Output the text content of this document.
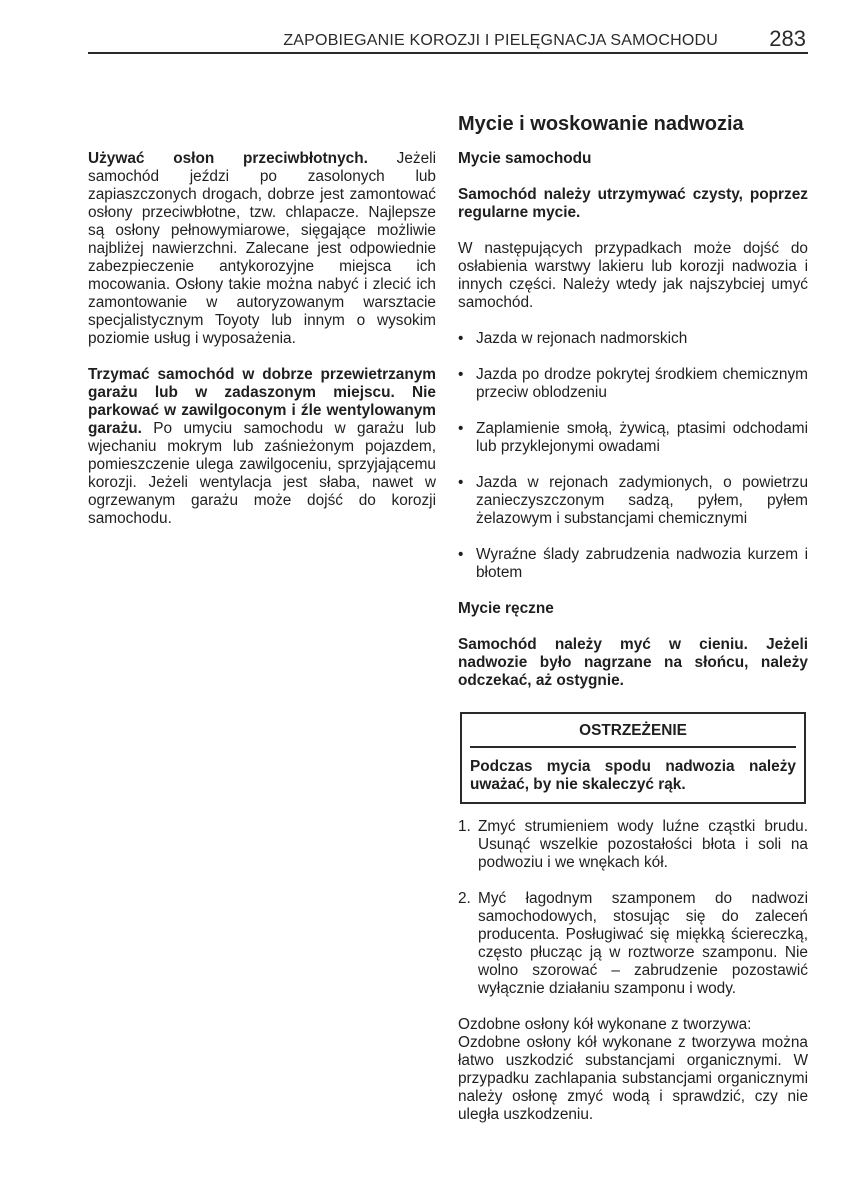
ZAPOBIEGANIE KOROZJI I PIELĘGNACJA SAMOCHODU 283

Używać osłon przeciwbłotnych. Jeżeli samochód jeździ po zasolonych lub zapiaszczonych drogach, dobrze jest zamontować osłony przeciwbłotne, tzw. chlapacze. Najlepsze są osłony pełnowymiarowe, sięgające możliwie najbliżej nawierzchni. Zalecane jest odpowiednie zabezpieczenie antykorozyjne miejsca ich mocowania. Osłony takie można nabyć i zlecić ich zamontowanie w autoryzowanym warsztacie specjalistycznym Toyoty lub innym o wysokim poziomie usług i wyposażenia.

Trzymać samochód w dobrze przewietrzanym garażu lub w zadaszonym miejscu. Nie parkować w zawilgoconym i źle wentylowanym garażu. Po umyciu samochodu w garażu lub wjechaniu mokrym lub zaśnieżonym pojazdem, pomieszczenie ulega zawilgoceniu, sprzyjającemu korozji. Jeżeli wentylacja jest słaba, nawet w ogrzewanym garażu może dojść do korozji samochodu.

Mycie i woskowanie nadwozia
Mycie samochodu

Samochód należy utrzymywać czysty, poprzez regularne mycie.

W następujących przypadkach może dojść do osłabienia warstwy lakieru lub korozji nadwozia i innych części. Należy wtedy jak najszybciej umyć samochód.

• Jazda w rejonach nadmorskich
• Jazda po drodze pokrytej środkiem chemicznym przeciw oblodzeniu
• Zaplamienie smołą, żywicą, ptasimi odchodami lub przyklejonymi owadami
• Jazda w rejonach zadymionych, o powietrzu zanieczyszczonym sadzą, pyłem, pyłem żelazowym i substancjami chemicznymi
• Wyraźne ślady zabrudzenia nadwozia kurzem i błotem
Mycie ręczne

Samochód należy myć w cieniu. Jeżeli nadwozie było nagrzane na słońcu, należy odczekać, aż ostygnie.

OSTRZEŻENIE
Podczas mycia spodu nadwozia należy uważać, by nie skaleczyć rąk.
1. Zmyć strumieniem wody luźne cząstki brudu. Usunąć wszelkie pozostałości błota i soli na podwoziu i we wnękach kół.
2. Myć łagodnym szamponem do nadwozi samochodowych, stosując się do zaleceń producenta. Posługiwać się miękką ściereczką, często płucząc ją w roztworze szamponu. Nie wolno szorować – zabrudzenie pozostawić wyłącznie działaniu szamponu i wody.

Ozdobne osłony kół wykonane z tworzywa:

Ozdobne osłony kół wykonane z tworzywa można łatwo uszkodzić substancjami organicznymi. W przypadku zachlapania substancjami organicznymi należy osłonę zmyć wodą i sprawdzić, czy nie uległa uszkodzeniu.
